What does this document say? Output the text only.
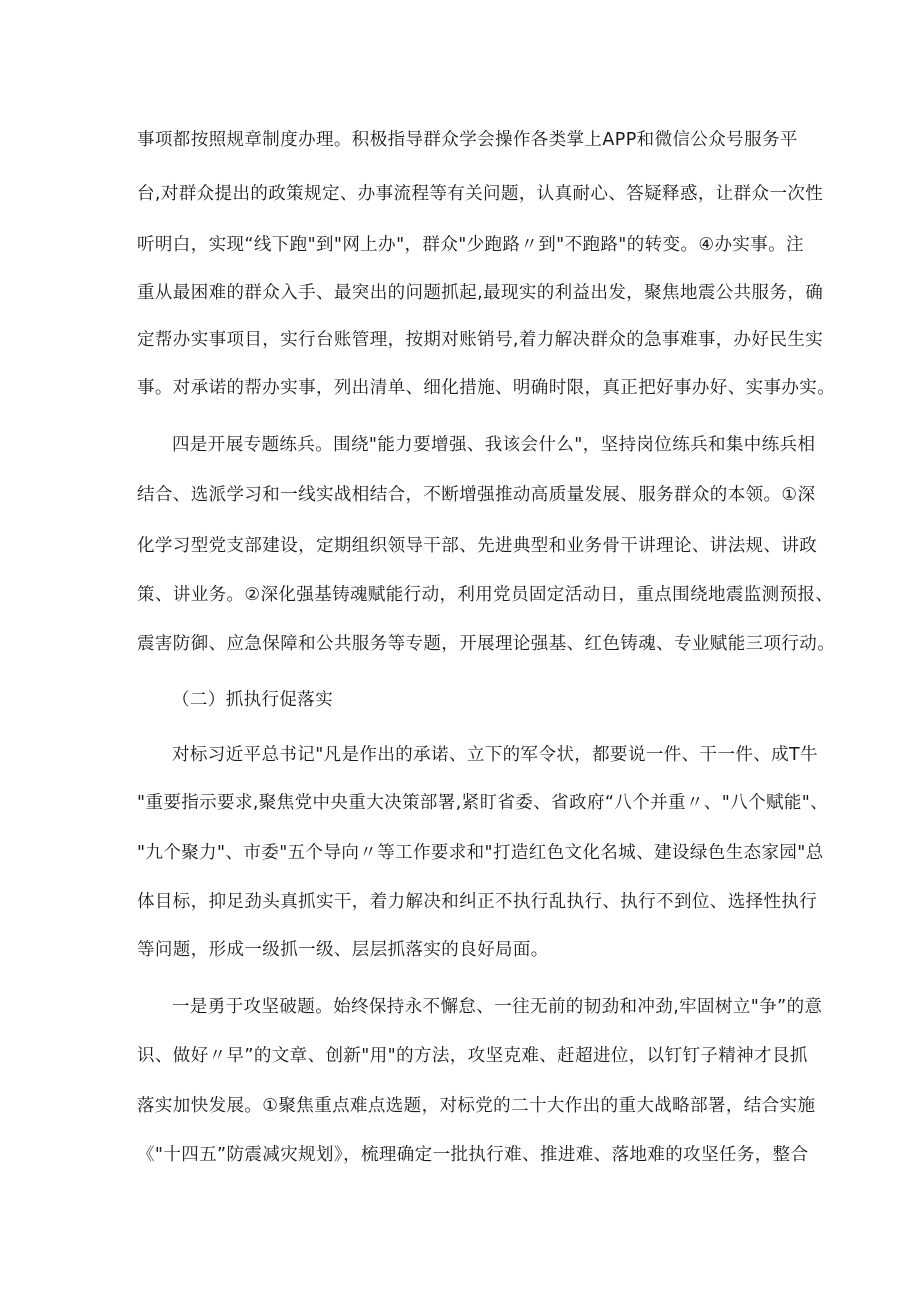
事项都按照规章制度办理。积极指导群众学会操作各类掌上APP和微信公众号服务平
台,对群众提出的政策规定、办事流程等有关问题，认真耐心、答疑释惑，让群众一次性
听明白，实现“线下跑"到"网上办"，群众"少跑路〃到"不跑路"的转变。④办实事。注
重从最困难的群众入手、最突出的问题抓起,最现实的利益出发，聚焦地震公共服务，确
定帮办实事项目，实行台账管理，按期对账销号,着力解决群众的急事难事，办好民生实
事。对承诺的帮办实事，列出清单、细化措施、明确时限，真正把好事办好、实事办实。
四是开展专题练兵。围绕"能力要增强、我该会什么"，坚持岗位练兵和集中练兵相
结合、选派学习和一线实战相结合，不断增强推动高质量发展、服务群众的本领。①深
化学习型党支部建设，定期组织领导干部、先进典型和业务骨干讲理论、讲法规、讲政
策、讲业务。②深化强基铸魂赋能行动，利用党员固定活动日，重点围绕地震监测预报、
震害防御、应急保障和公共服务等专题，开展理论强基、红色铸魂、专业赋能三项行动。
（二）抓执行促落实
对标习近平总书记"凡是作出的承诺、立下的军令状，都要说一件、干一件、成T牛
"重要指示要求,聚焦党中央重大决策部署,紧盯省委、省政府“八个并重〃、"八个赋能"、
"九个聚力"、市委"五个导向〃等工作要求和"打造红色文化名城、建设绿色生态家园"总
体目标，抑足劲头真抓实干，着力解决和纠正不执行乱执行、执行不到位、选择性执行
等问题，形成一级抓一级、层层抓落实的良好局面。
一是勇于攻坚破题。始终保持永不懈怠、一往无前的韧劲和冲劲,牢固树立"争”的意
识、做好〃早”的文章、创新"用"的方法，攻坚克难、赶超进位，以钉钉子精神才艮抓
落实加快发展。①聚焦重点难点选题，对标党的二十大作出的重大战略部署，结合实施
《"十四五”防震减灾规划》，梳理确定一批执行难、推进难、落地难的攻坚任务，整合
